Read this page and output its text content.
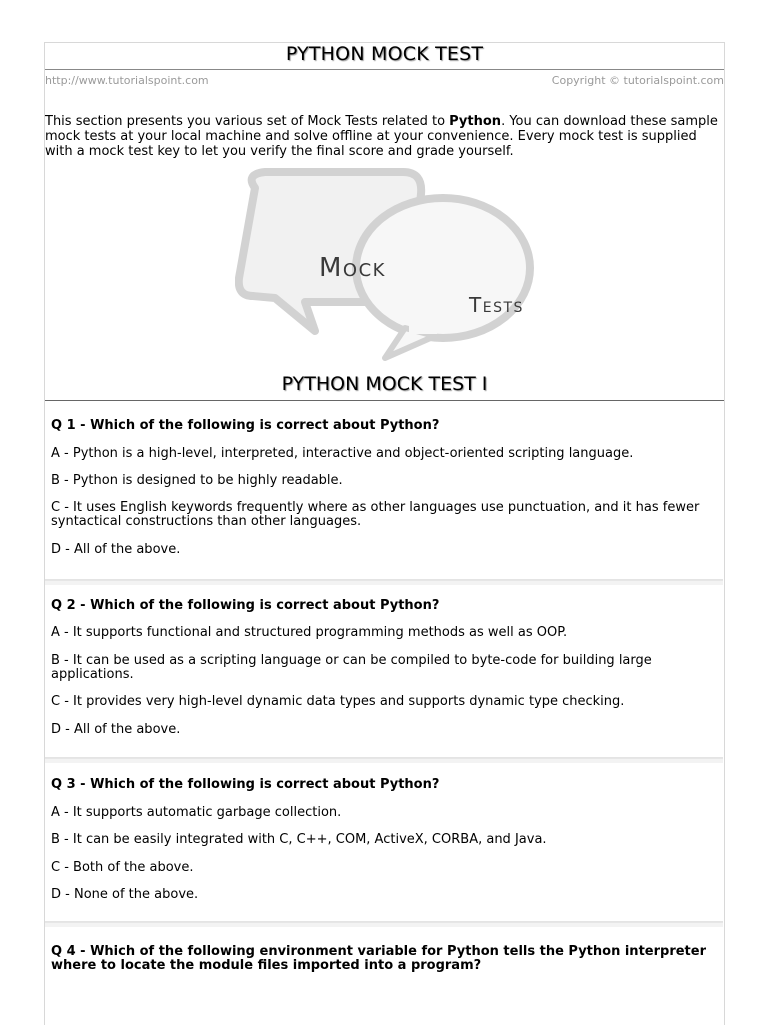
PYTHON MOCK TEST
http://www.tutorialspoint.com	Copyright © tutorialspoint.com

This section presents you various set of Mock Tests related to Python. You can download these sample mock tests at your local machine and solve offline at your convenience. Every mock test is supplied with a mock test key to let you verify the final score and grade yourself.

Mock
Tests
PYTHON MOCK TEST I
Q 1 - Which of the following is correct about Python?
A - Python is a high-level, interpreted, interactive and object-oriented scripting language.
B - Python is designed to be highly readable.
C - It uses English keywords frequently where as other languages use punctuation, and it has fewer syntactical constructions than other languages.
D - All of the above.
Q 2 - Which of the following is correct about Python?
A - It supports functional and structured programming methods as well as OOP.
B - It can be used as a scripting language or can be compiled to byte-code for building large applications.
C - It provides very high-level dynamic data types and supports dynamic type checking.
D - All of the above.
Q 3 - Which of the following is correct about Python?
A - It supports automatic garbage collection.
B - It can be easily integrated with C, C++, COM, ActiveX, CORBA, and Java.
C - Both of the above.
D - None of the above.
Q 4 - Which of the following environment variable for Python tells the Python interpreter where to locate the module files imported into a program?
